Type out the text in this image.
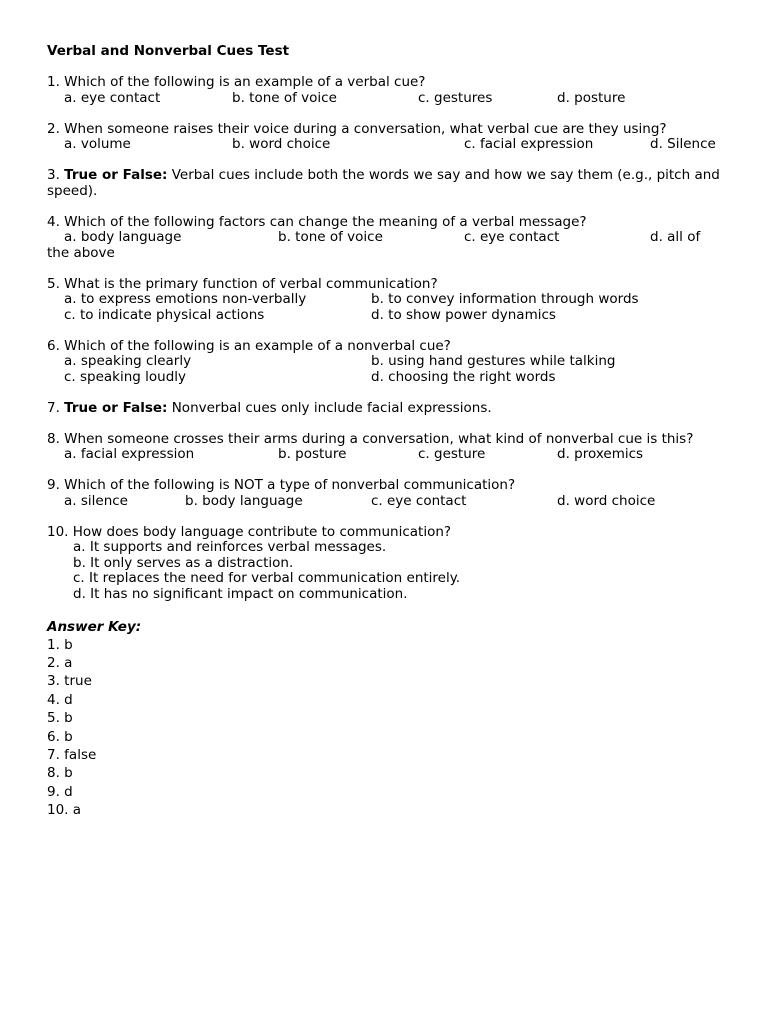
Verbal and Nonverbal Cues Test
1. Which of the following is an example of a verbal cue?
a. eye contact	b. tone of voice	c. gestures	d. posture
2. When someone raises their voice during a conversation, what verbal cue are they using?
a. volume	b. word choice	c. facial expression	d. Silence
3. True or False: Verbal cues include both the words we say and how we say them (e.g., pitch and speed).
4. Which of the following factors can change the meaning of a verbal message?
a. body language	b. tone of voice	c. eye contact	d. all of
the above
5. What is the primary function of verbal communication?
a. to express emotions non-verbally	b. to convey information through words
c. to indicate physical actions	d. to show power dynamics
6. Which of the following is an example of a nonverbal cue?
a. speaking clearly	b. using hand gestures while talking
c. speaking loudly	d. choosing the right words
7. True or False: Nonverbal cues only include facial expressions.
8. When someone crosses their arms during a conversation, what kind of nonverbal cue is this?
a. facial expression	b. posture	c. gesture	d. proxemics
9. Which of the following is NOT a type of nonverbal communication?
a. silence	b. body language	c. eye contact	d. word choice
10. How does body language contribute to communication?
a. It supports and reinforces verbal messages.
b. It only serves as a distraction.
c. It replaces the need for verbal communication entirely.
d. It has no significant impact on communication.
Answer Key:
1. b
2. a
3. true
4. d
5. b
6. b
7. false
8. b
9. d
10. a
